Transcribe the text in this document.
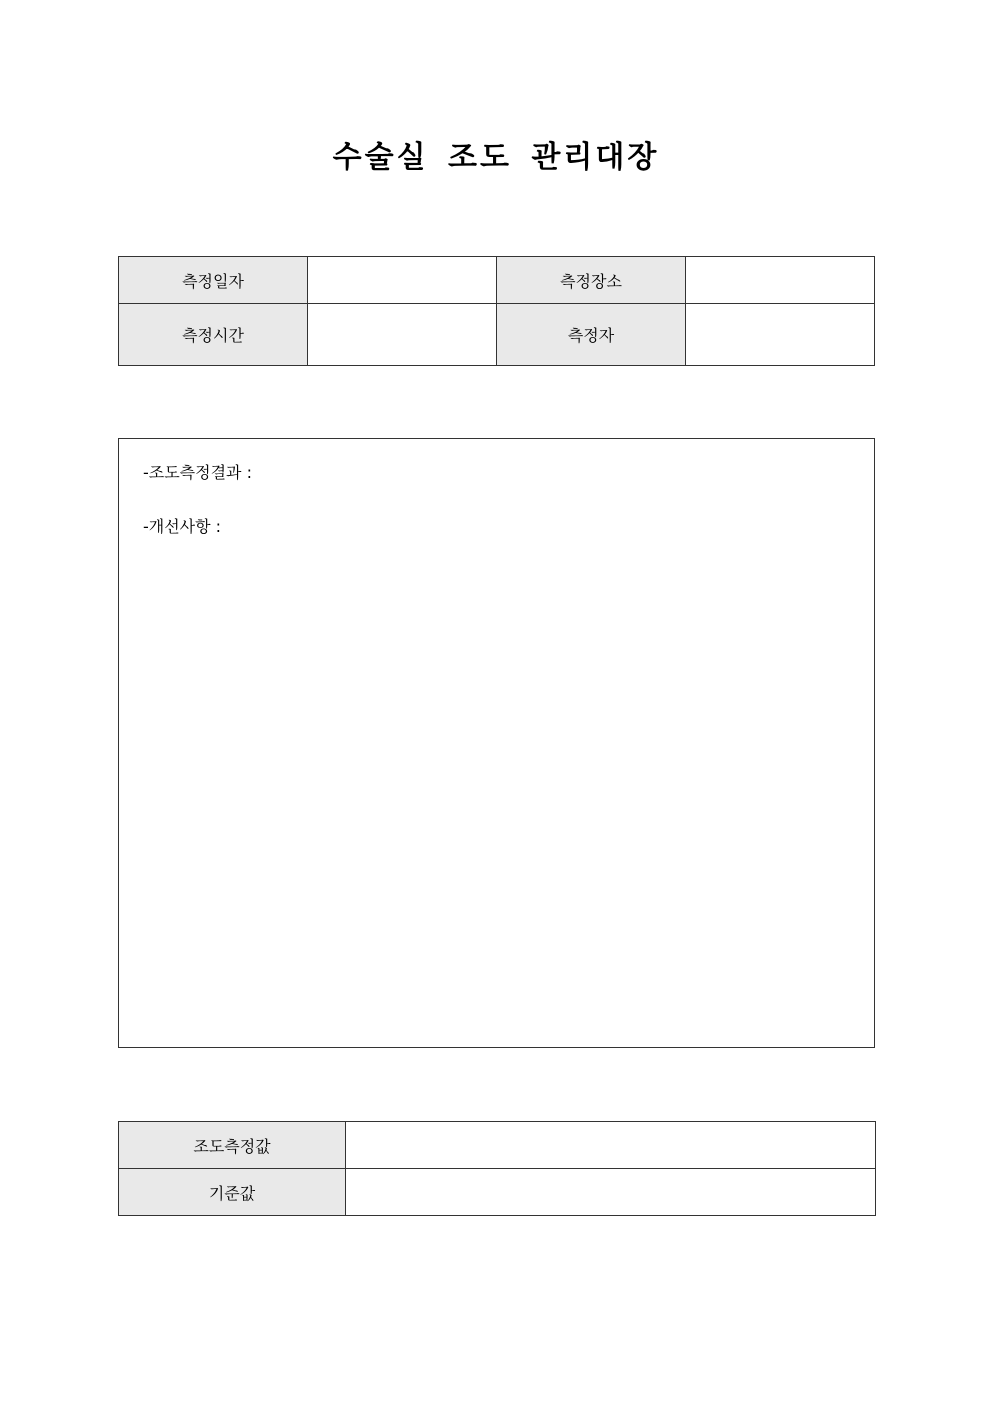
수술실 조도 관리대장
측정일자		측정장소	
측정시간		측정자	
-조도측정결과 :
-개선사항 :
조도측정값	
기준값	
